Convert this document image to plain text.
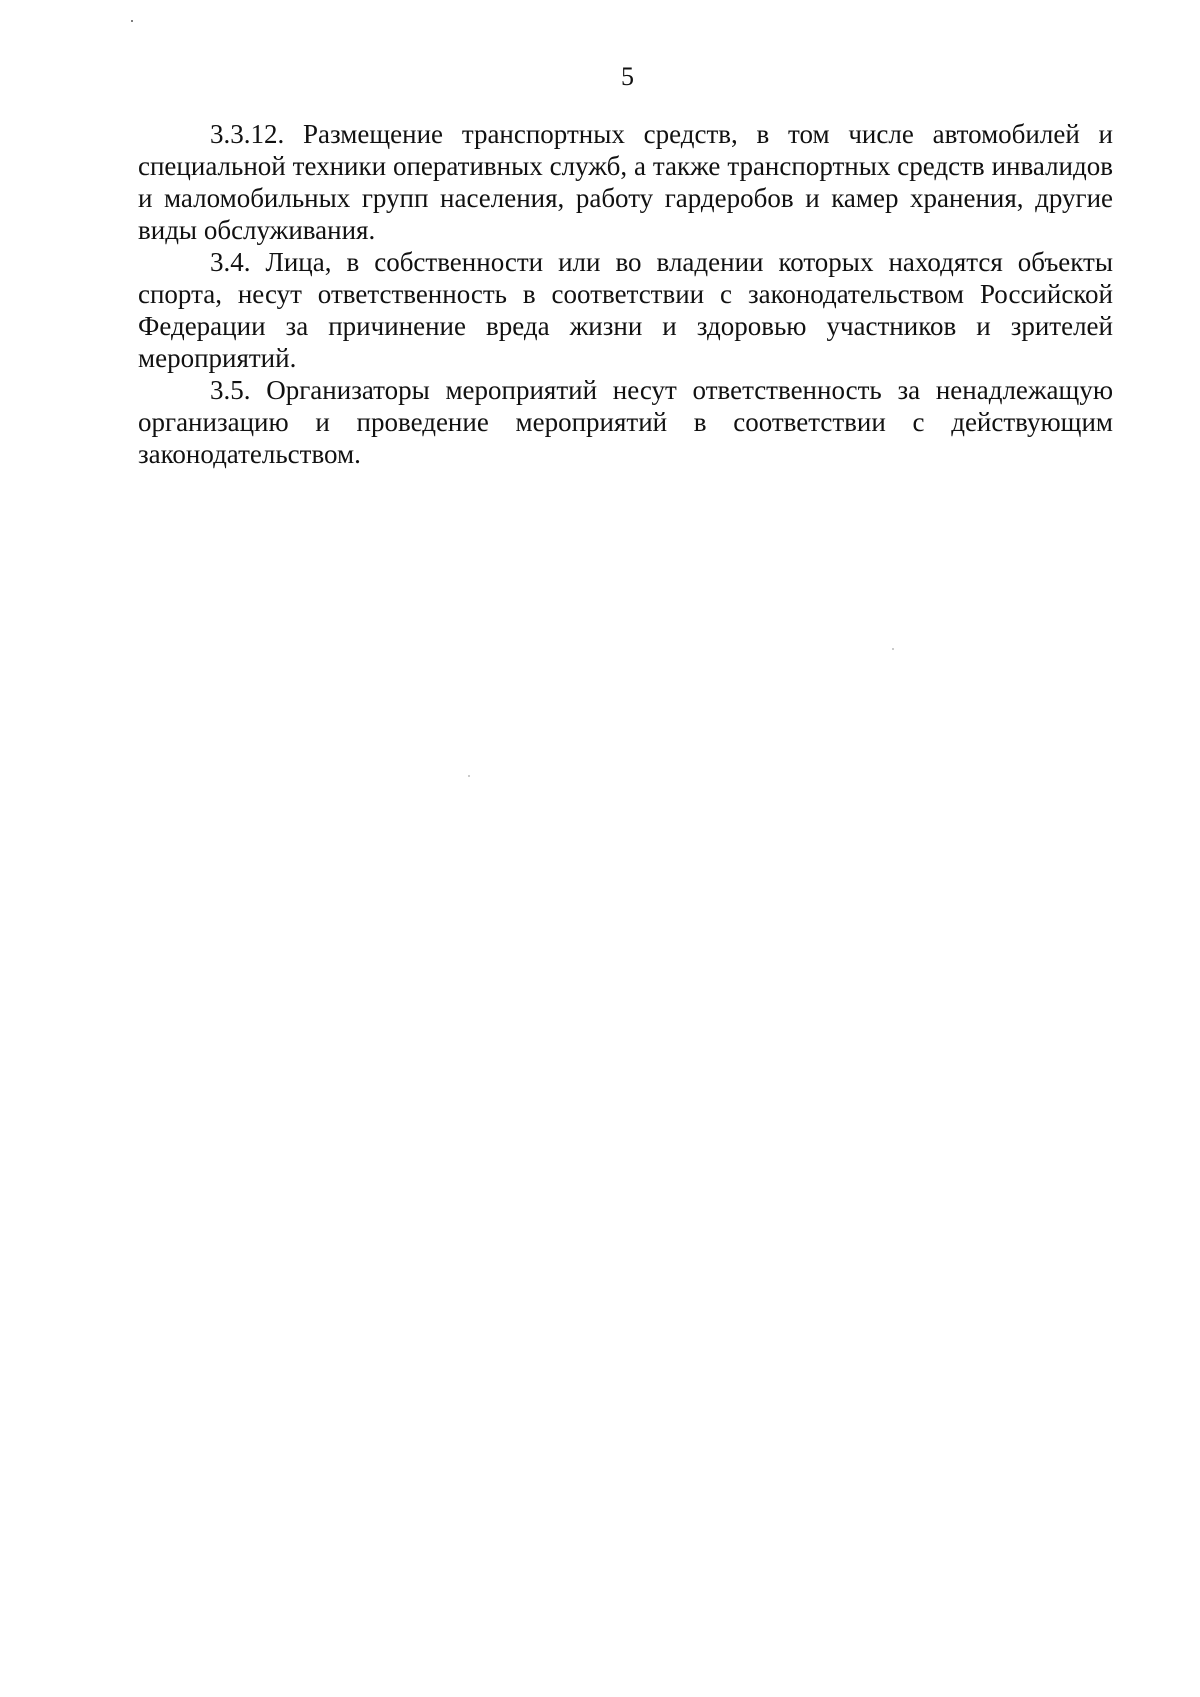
5

3.3.12. Размещение транспортных средств, в том числе автомобилей и специальной техники оперативных служб, а также транспортных средств инвалидов и маломобильных групп населения, работу гардеробов и камер хранения, другие виды обслуживания.

3.4. Лица, в собственности или во владении которых находятся объекты спорта, несут ответственность в соответствии с законодательством Российской Федерации за причинение вреда жизни и здоровью участников и зрителей мероприятий.

3.5. Организаторы мероприятий несут ответственность за ненадлежащую организацию и проведение мероприятий в соответствии с действующим законодательством.
